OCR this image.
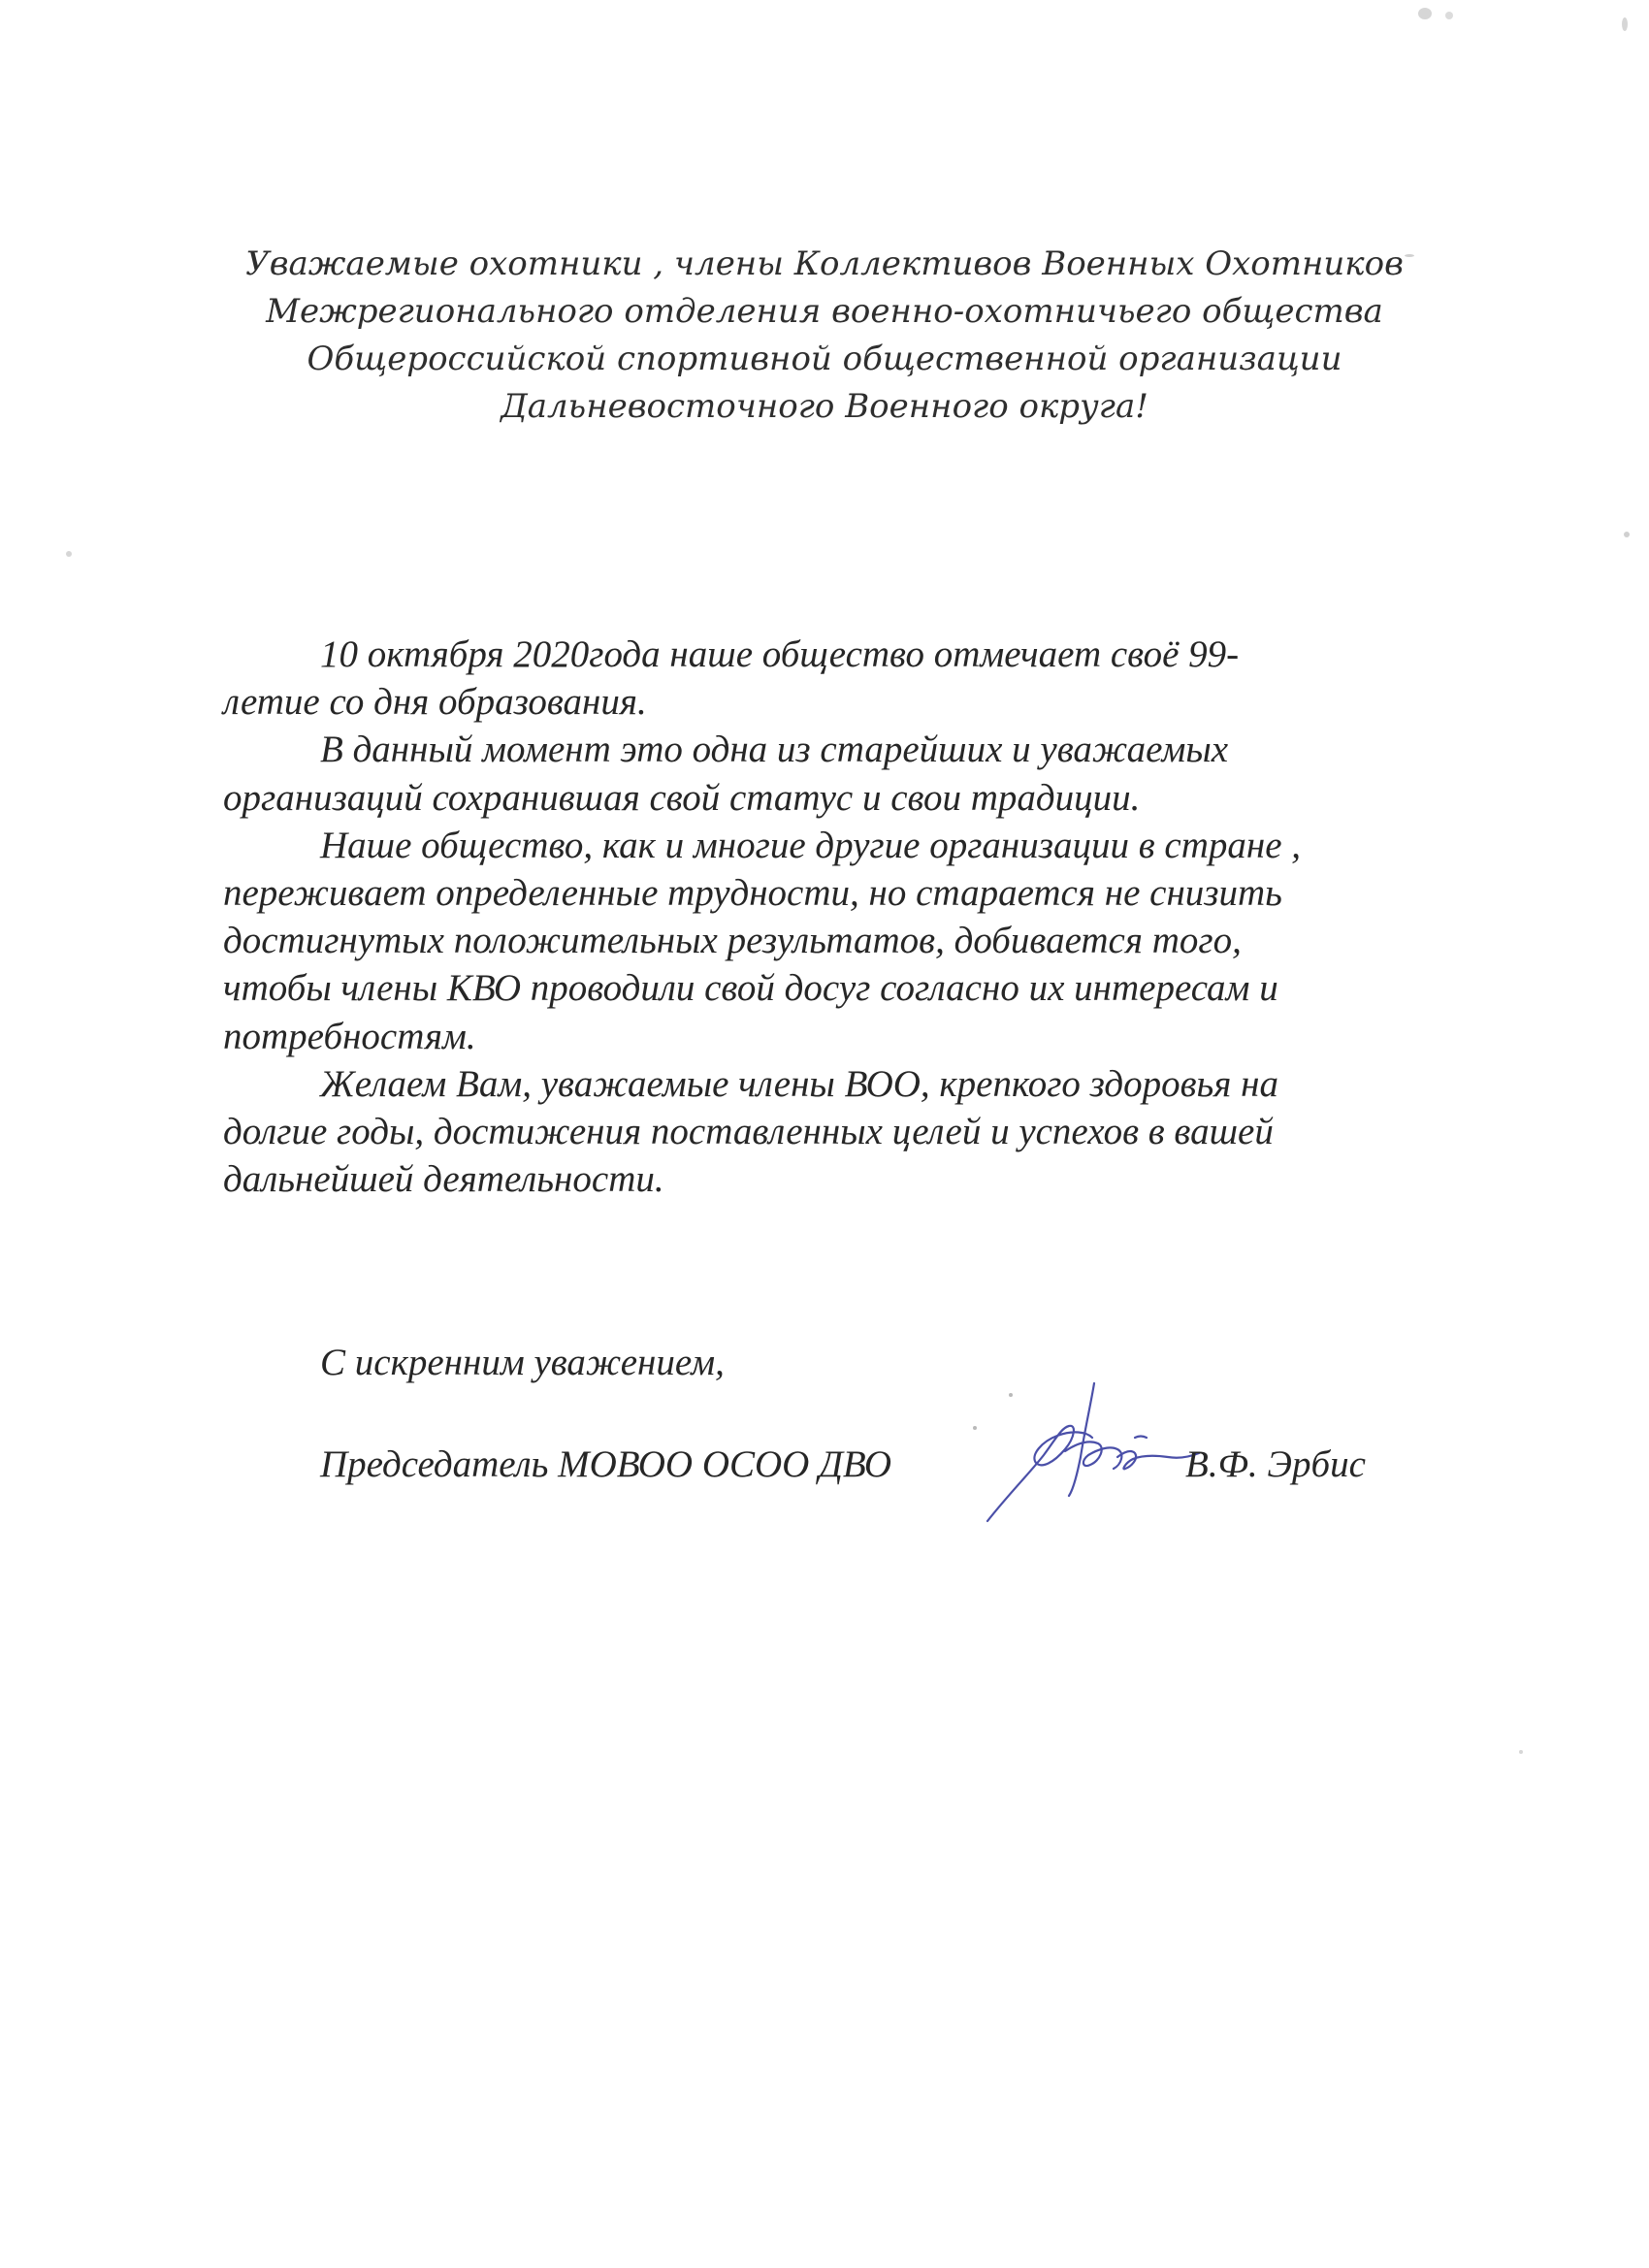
Уважаемые охотники , члены Коллективов Военных Охотников
Межрегионального отделения военно-охотничьего общества
Общероссийской спортивной общественной организации
Дальневосточного Военного округа!
10 октября 2020года наше общество отмечает своё 99-
летие со дня образования.
В данный момент это одна из старейших и уважаемых
организаций сохранившая свой статус и свои традиции.
Наше общество, как и многие другие организации в стране ,
переживает определенные трудности, но старается не снизить
достигнутых положительных результатов, добивается того,
чтобы члены КВО проводили свой досуг согласно их интересам и
потребностям.
Желаем Вам, уважаемые члены ВОО, крепкого здоровья на
долгие годы, достижения поставленных целей и успехов в вашей
дальнейшей деятельности.
С искренним уважением,
Председатель МОВОО ОСОО ДВО	В.Ф. Эрбис
